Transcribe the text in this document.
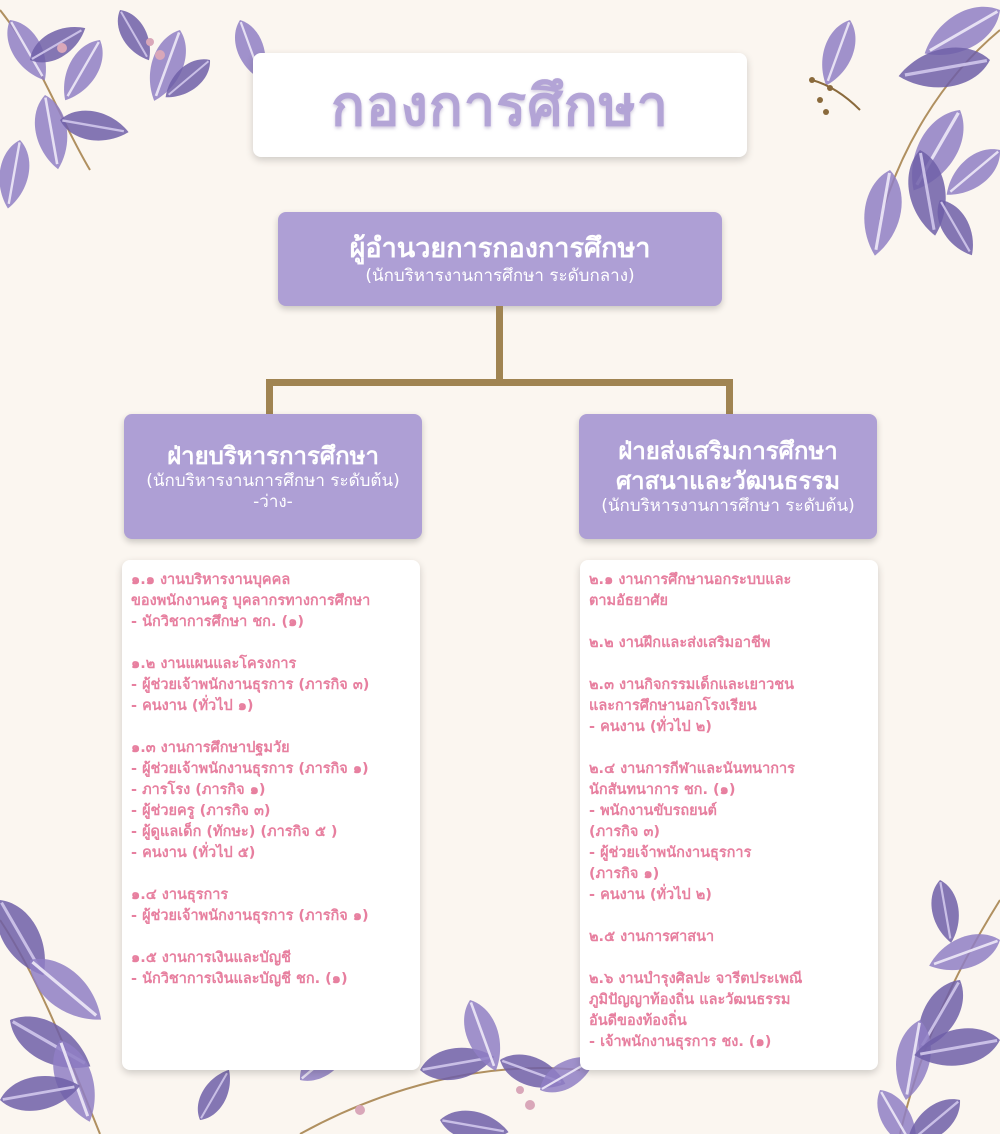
กองการศึกษา
ผู้อำนวยการกองการศึกษา
(นักบริหารงานการศึกษา ระดับกลาง)
ฝ่ายบริหารการศึกษา
(นักบริหารงานการศึกษา ระดับต้น)
-ว่าง-
ฝ่ายส่งเสริมการศึกษา
ศาสนาและวัฒนธรรม
(นักบริหารงานการศึกษา ระดับต้น)
๑.๑ งานบริหารงานบุคคล
ของพนักงานครู บุคลากรทางการศึกษา
- นักวิชาการศึกษา ชก. (๑)
๑.๒ งานแผนและโครงการ
- ผู้ช่วยเจ้าพนักงานธุรการ (ภารกิจ ๓)
- คนงาน (ทั่วไป ๑)
๑.๓ งานการศึกษาปฐมวัย
- ผู้ช่วยเจ้าพนักงานธุรการ (ภารกิจ ๑)
- ภารโรง (ภารกิจ ๑)
- ผู้ช่วยครู (ภารกิจ ๓)
- ผู้ดูแลเด็ก (ทักษะ) (ภารกิจ ๕ )
- คนงาน (ทั่วไป ๕)
๑.๔ งานธุรการ
- ผู้ช่วยเจ้าพนักงานธุรการ (ภารกิจ ๑)
๑.๕ งานการเงินและบัญชี
- นักวิชาการเงินและบัญชี ชก. (๑)
๒.๑ งานการศึกษานอกระบบและ
ตามอัธยาศัย
๒.๒ งานฝึกและส่งเสริมอาชีพ
๒.๓ งานกิจกรรมเด็กและเยาวชน
และการศึกษานอกโรงเรียน
- คนงาน (ทั่วไป ๒)
๒.๔ งานการกีฬาและนันทนาการ
นักสันทนาการ ชก. (๑)
- พนักงานขับรถยนต์
(ภารกิจ ๓)
- ผู้ช่วยเจ้าพนักงานธุรการ
(ภารกิจ ๑)
- คนงาน (ทั่วไป ๒)
๒.๕ งานการศาสนา
๒.๖ งานบำรุงศิลปะ จารีตประเพณี
ภูมิปัญญาท้องถิ่น และวัฒนธรรม
อันดีของท้องถิ่น
- เจ้าพนักงานธุรการ ชง. (๑)
